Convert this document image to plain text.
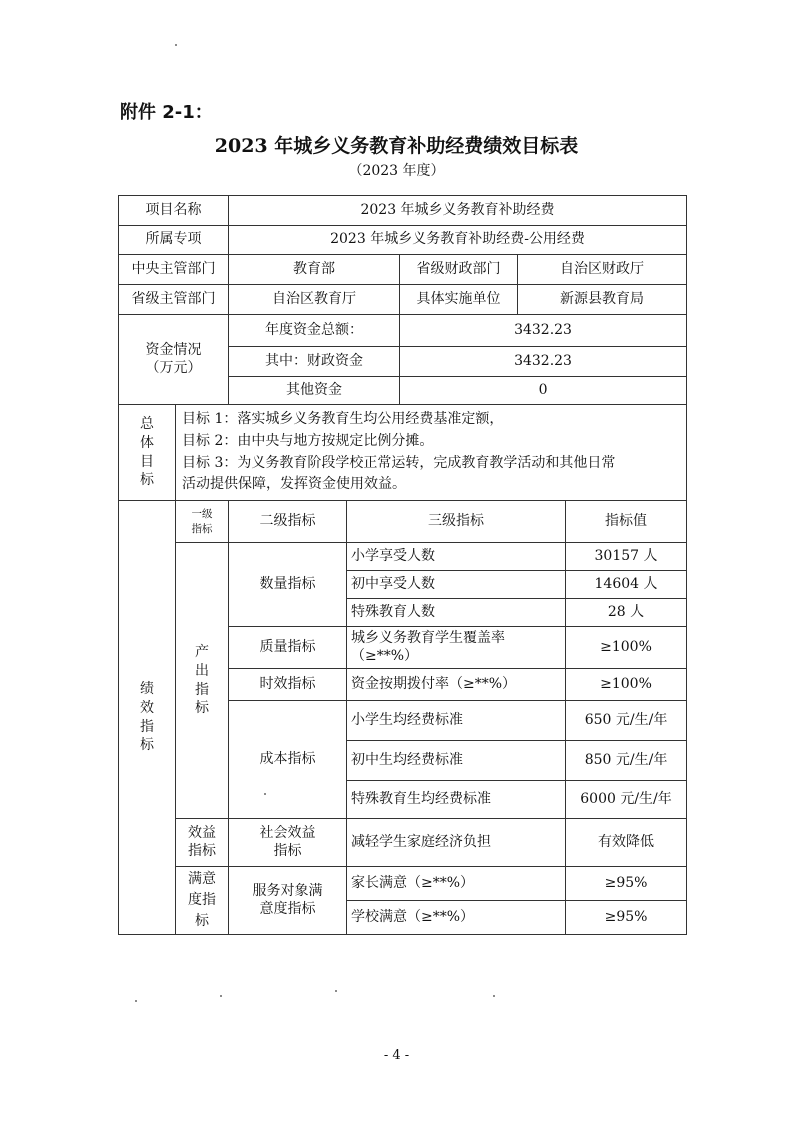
附件 2-1：
2023 年城乡义务教育补助经费绩效目标表
（2023 年度）
项目名称		2023 年城乡义务教育补助经费				
所属专项		2023 年城乡义务教育补助经费-公用经费				
中央主管部门		教育部		省级财政部门	自治区财政厅	
省级主管部门		自治区教育厅		具体实施单位	新源县教育局	
资金情况（万元）		年度资金总额：		3432.23		
		其中：财政资金		3432.23		
		其他资金		0		
总体目标	目标 1：落实城乡义务教育生均公用经费基准定额，
目标 2：由中央与地方按规定比例分摊。
目标 3：为义务教育阶段学校正常运转，完成教育教学活动和其他日常
活动提供保障，发挥资金使用效益。					

绩效指标	一级指标	二级指标	三级指标			指标值
	产出指标	数量指标	小学享受人数			30157 人
			初中享受人数			14604 人
			特殊教育人数			28 人
		质量指标	城乡义务教育学生覆盖率（≥**%）			≥100%
		时效指标	资金按期拨付率（≥**%）			≥100%
		成本指标	小学生均经费标准			650 元/生/年
			初中生均经费标准			850 元/生/年
			特殊教育生均经费标准			6000 元/生/年
	效益指标	社会效益指标	减轻学生家庭经济负担			有效降低
	满意度指标	服务对象满意度指标	家长满意（≥**%）			≥95%
			学校满意（≥**%）			≥95%
- 4 -
